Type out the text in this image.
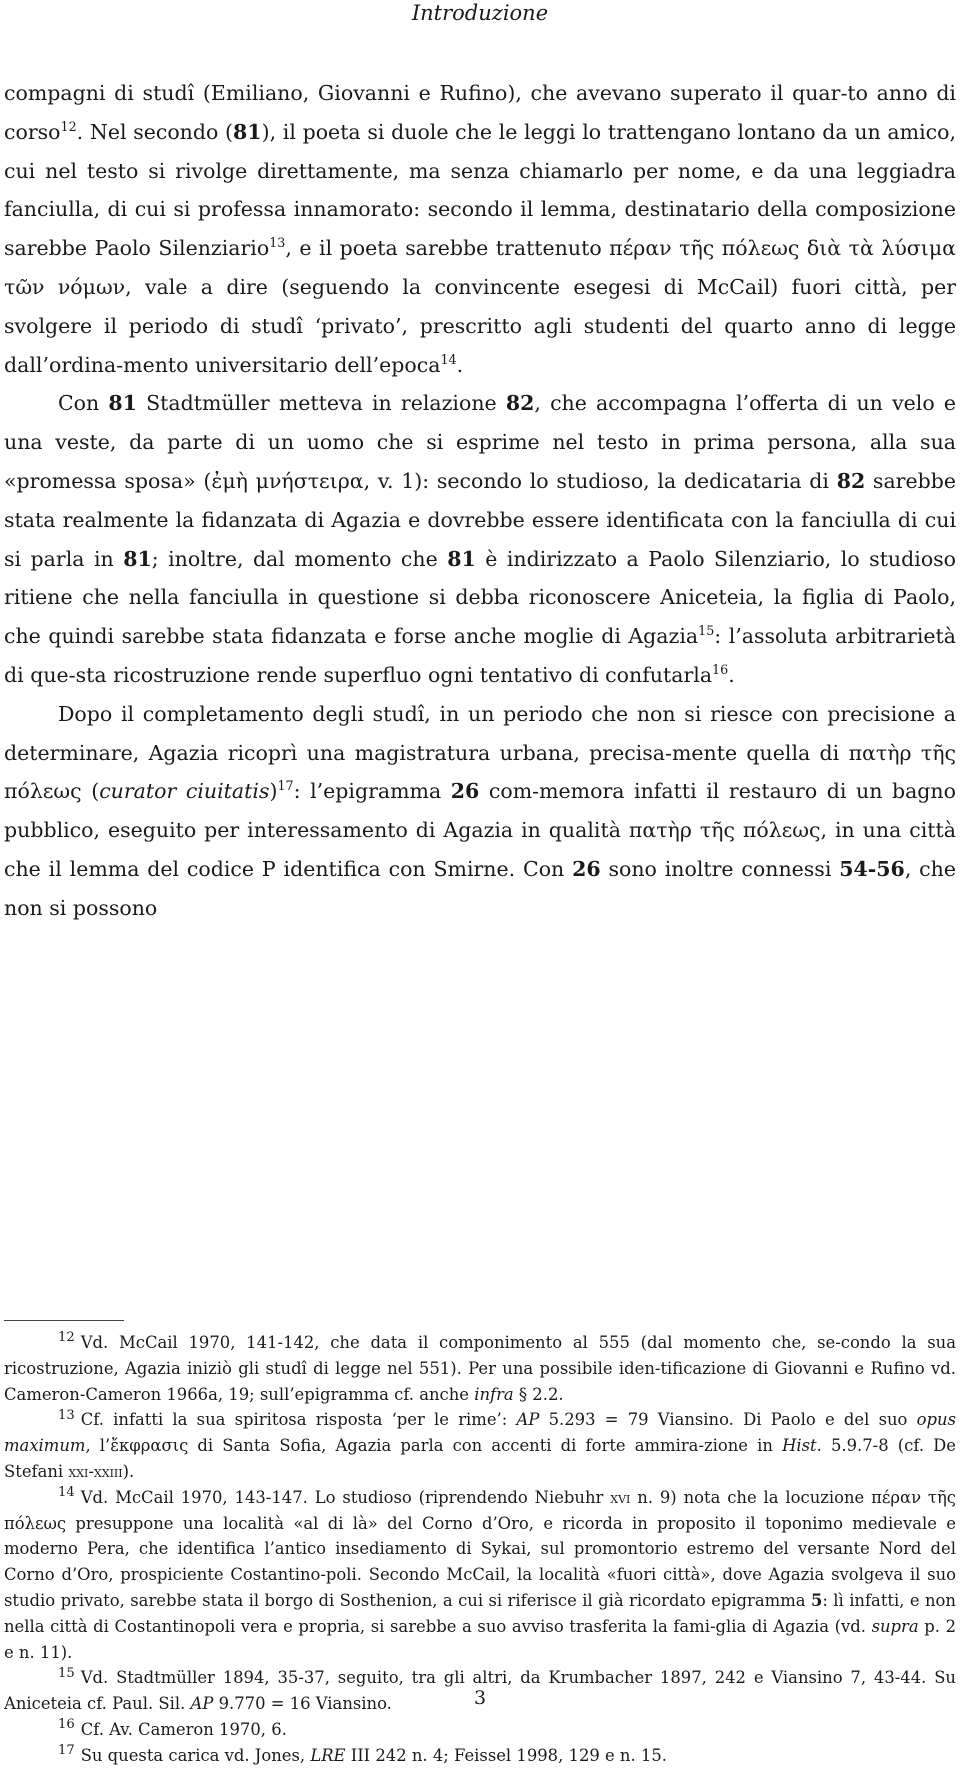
Introduzione

compagni di studî (Emiliano, Giovanni e Rufino), che avevano superato il quar-to anno di corso$^{12}$. Nel secondo (81), il poeta si duole che le leggi lo trattengano lontano da un amico, cui nel testo si rivolge direttamente, ma senza chiamarlo per nome, e da una leggiadra fanciulla, di cui si professa innamorato: secondo il lemma, destinatario della composizione sarebbe Paolo Silenziario$^{13}$, e il poeta sarebbe trattenuto πέραν τῆς πόλεως διὰ τὰ λύσιμα τῶν νόμων, vale a dire (seguendo la convincente esegesi di McCail) fuori città, per svolgere il periodo di studî ‘privato’, prescritto agli studenti del quarto anno di legge dall’ordina-mento universitario dell’epoca$^{14}$.

Con 81 Stadtmüller metteva in relazione 82, che accompagna l’offerta di un velo e una veste, da parte di un uomo che si esprime nel testo in prima persona, alla sua «promessa sposa» (ἐμὴ μνήστειρα, v. 1): secondo lo studioso, la dedicataria di 82 sarebbe stata realmente la fidanzata di Agazia e dovrebbe essere identificata con la fanciulla di cui si parla in 81; inoltre, dal momento che 81 è indirizzato a Paolo Silenziario, lo studioso ritiene che nella fanciulla in questione si debba riconoscere Aniceteia, la figlia di Paolo, che quindi sarebbe stata fidanzata e forse anche moglie di Agazia$^{15}$: l’assoluta arbitrarietà di que-sta ricostruzione rende superfluo ogni tentativo di confutarla$^{16}$.

Dopo il completamento degli studî, in un periodo che non si riesce con precisione a determinare, Agazia ricoprì una magistratura urbana, precisa-mente quella di πατὴρ τῆς πόλεως (curator ciuitatis)$^{17}$: l’epigramma 26 com-memora infatti il restauro di un bagno pubblico, eseguito per interessamento di Agazia in qualità πατὴρ τῆς πόλεως, in una città che il lemma del codice P identifica con Smirne. Con 26 sono inoltre connessi 54-56, che non si possono

$^{12}$ Vd. McCail 1970, 141-142, che data il componimento al 555 (dal momento che, se-condo la sua ricostruzione, Agazia iniziò gli studî di legge nel 551). Per una possibile iden-tificazione di Giovanni e Rufino vd. Cameron-Cameron 1966a, 19; sull’epigramma cf. anche infra § 2.2.

$^{13}$ Cf. infatti la sua spiritosa risposta ‘per le rime’: AP 5.293 = 79 Viansino. Di Paolo e del suo opus maximum, l’ἔκφρασις di Santa Sofia, Agazia parla con accenti di forte ammira-zione in Hist. 5.9.7-8 (cf. De Stefani xxi-xxiii).

$^{14}$ Vd. McCail 1970, 143-147. Lo studioso (riprendendo Niebuhr xvi n. 9) nota che la locuzione πέραν τῆς πόλεως presuppone una località «al di là» del Corno d’Oro, e ricorda in proposito il toponimo medievale e moderno Pera, che identifica l’antico insediamento di Sykai, sul promontorio estremo del versante Nord del Corno d’Oro, prospiciente Costantino-poli. Secondo McCail, la località «fuori città», dove Agazia svolgeva il suo studio privato, sarebbe stata il borgo di Sosthenion, a cui si riferisce il già ricordato epigramma 5: lì infatti, e non nella città di Costantinopoli vera e propria, si sarebbe a suo avviso trasferita la fami-glia di Agazia (vd. supra p. 2 e n. 11).

$^{15}$ Vd. Stadtmüller 1894, 35-37, seguito, tra gli altri, da Krumbacher 1897, 242 e Viansino 7, 43-44. Su Aniceteia cf. Paul. Sil. AP 9.770 = 16 Viansino.

$^{16}$ Cf. Av. Cameron 1970, 6.

$^{17}$ Su questa carica vd. Jones, LRE III 242 n. 4; Feissel 1998, 129 e n. 15.

3
